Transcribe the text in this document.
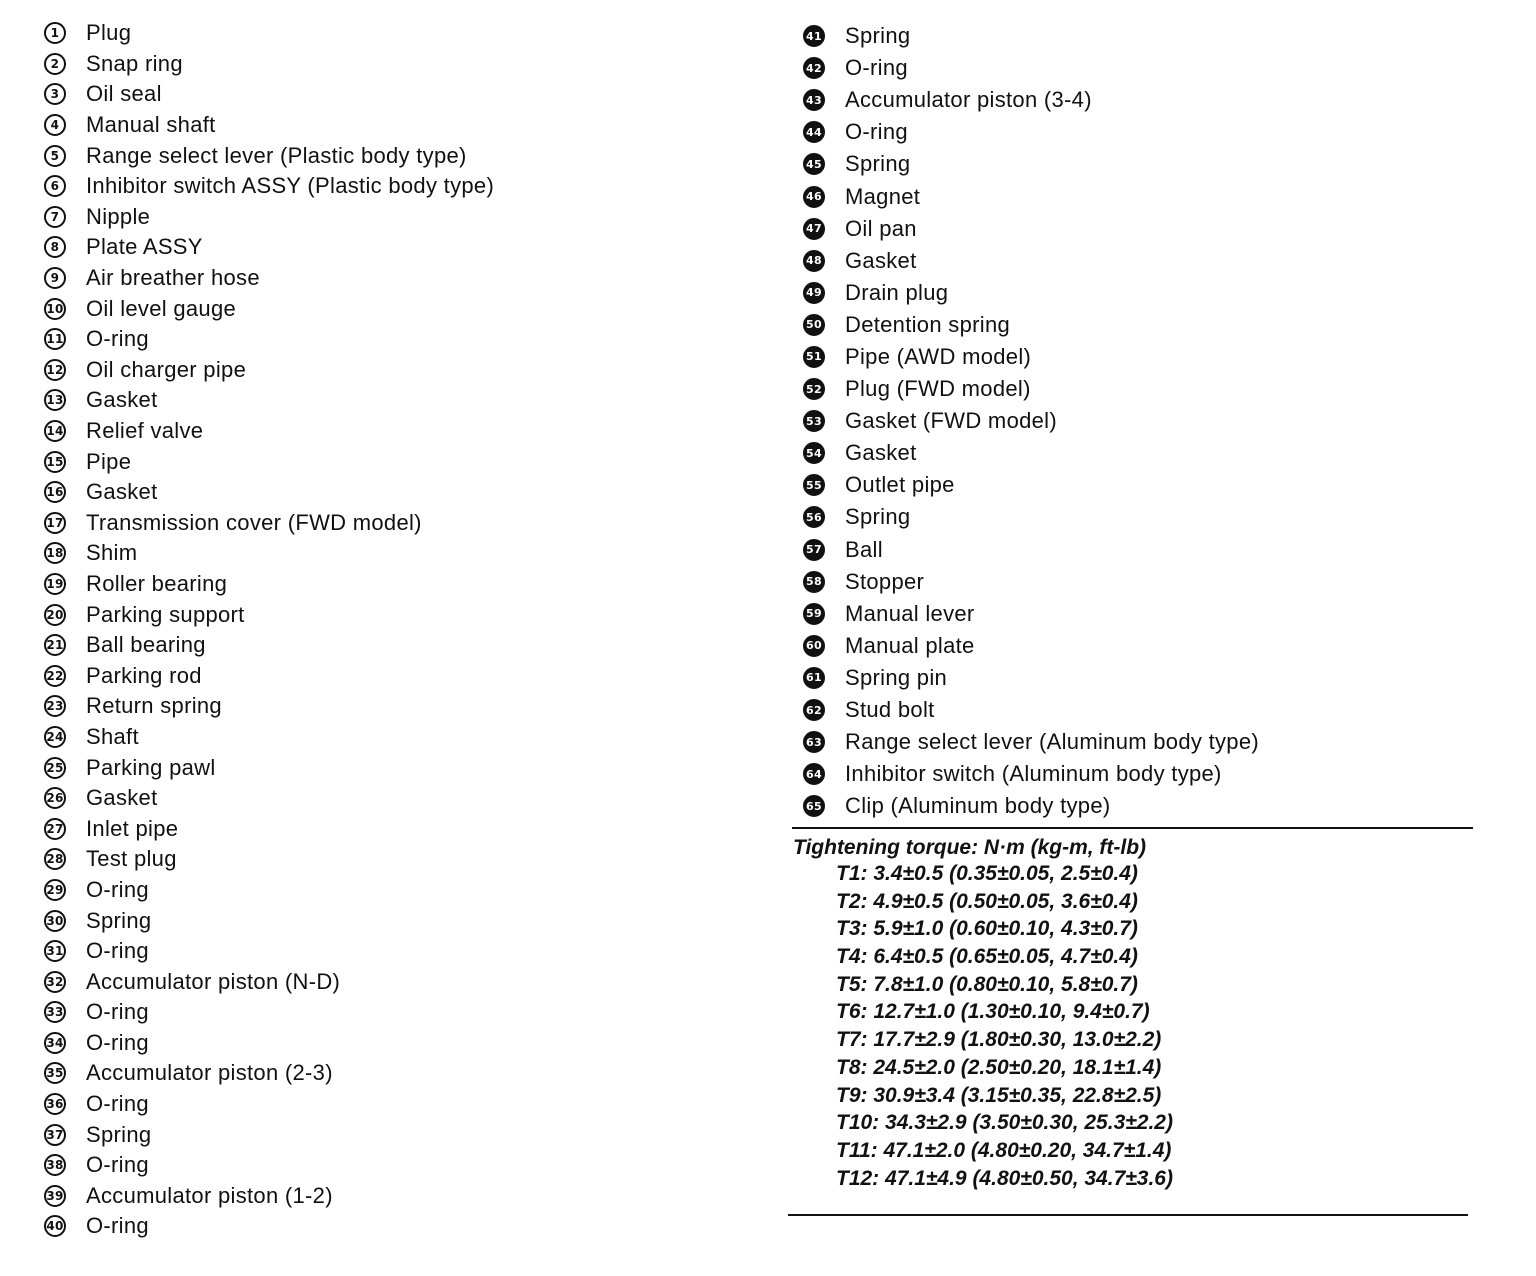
1	Plug
2	Snap ring
3	Oil seal
4	Manual shaft
5	Range select lever (Plastic body type)
6	Inhibitor switch ASSY (Plastic body type)
7	Nipple
8	Plate ASSY
9	Air breather hose
10 Oil level gauge
11 O-ring
12 Oil charger pipe
13 Gasket
14 Relief valve
15 Pipe
16 Gasket
17 Transmission cover (FWD model)
18 Shim
19 Roller bearing
20 Parking support
21 Ball bearing
22 Parking rod
23 Return spring
24 Shaft
25 Parking pawl
26 Gasket
27 Inlet pipe
28 Test plug
29 O-ring
30 Spring
31 O-ring
32 Accumulator piston (N-D)
33 O-ring
34 O-ring
35 Accumulator piston (2-3)
36 O-ring
37 Spring
38 O-ring
39 Accumulator piston (1-2)
40 O-ring
41 Spring
42 O-ring
43 Accumulator piston (3-4)
44 O-ring
45 Spring
46 Magnet
47 Oil pan
48 Gasket
49 Drain plug
50 Detention spring
51 Pipe (AWD model)
52 Plug (FWD model)
53 Gasket (FWD model)
54 Gasket
55 Outlet pipe
56 Spring
57 Ball
58 Stopper
59 Manual lever
60 Manual plate
61 Spring pin
62 Stud bolt
63 Range select lever (Aluminum body type)
64 Inhibitor switch (Aluminum body type)
65 Clip (Aluminum body type)
Tightening torque: N·m (kg-m, ft-lb)
T1: 3.4±0.5 (0.35±0.05, 2.5±0.4)
T2: 4.9±0.5 (0.50±0.05, 3.6±0.4)
T3: 5.9±1.0 (0.60±0.10, 4.3±0.7)
T4: 6.4±0.5 (0.65±0.05, 4.7±0.4)
T5: 7.8±1.0 (0.80±0.10, 5.8±0.7)
T6: 12.7±1.0 (1.30±0.10, 9.4±0.7)
T7: 17.7±2.9 (1.80±0.30, 13.0±2.2)
T8: 24.5±2.0 (2.50±0.20, 18.1±1.4)
T9: 30.9±3.4 (3.15±0.35, 22.8±2.5)
T10: 34.3±2.9 (3.50±0.30, 25.3±2.2)
T11: 47.1±2.0 (4.80±0.20, 34.7±1.4)
T12: 47.1±4.9 (4.80±0.50, 34.7±3.6)
